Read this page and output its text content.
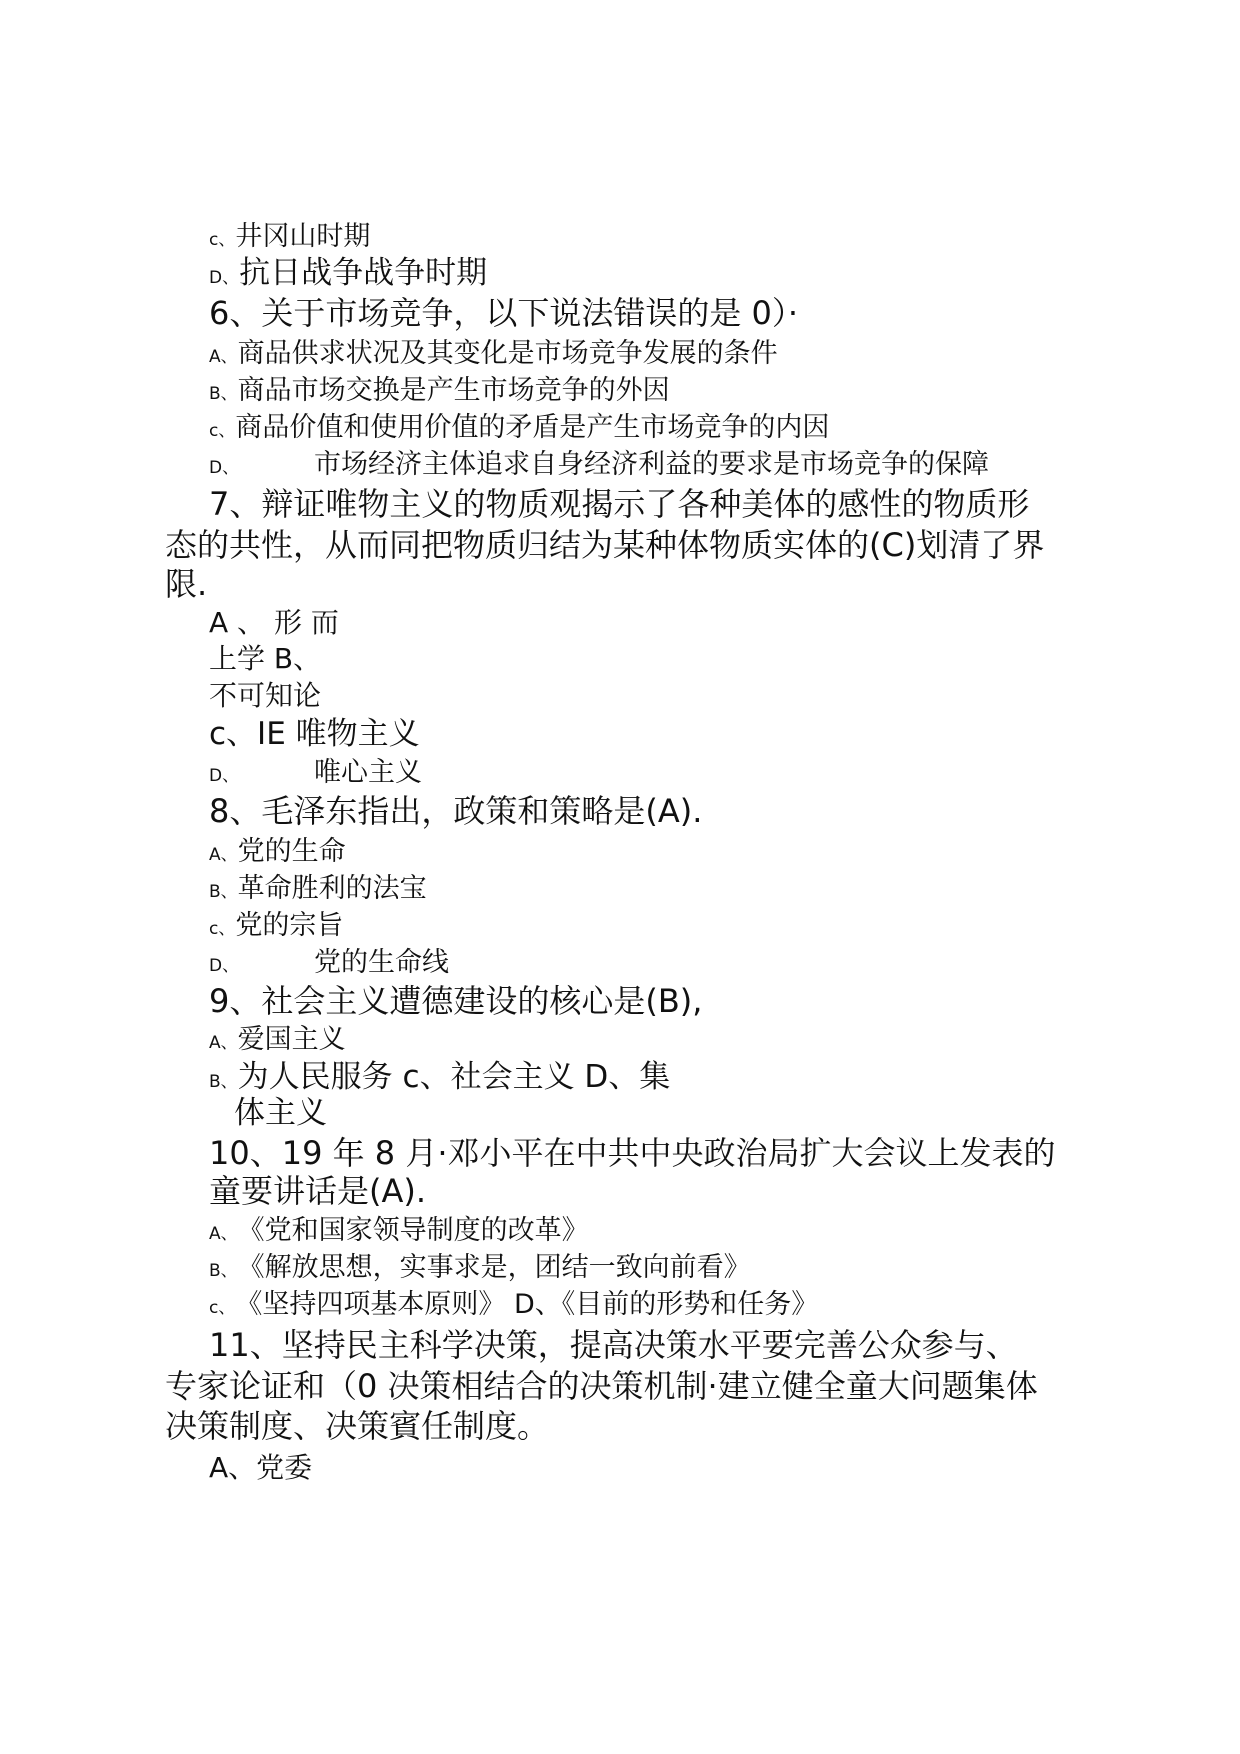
c、井冈山时期

D、抗日战争战争时期

6、关于市场竞争，以下说法错误的是 0）·

A、商品供求状况及其变化是市场竞争发展的条件

B、商品市场交换是产生市场竞争的外因

c、商品价值和使用价值的矛盾是产生市场竞争的内因

D、	市场经济主体追求自身经济利益的要求是市场竞争的保障

7、辩证唯物主义的物质观揭示了各种美体的感性的物质形

态的共性，从而同把物质归结为某种体物质实体的(C)划清了界

限.

A 、 形 而

上学 B、

不可知论

c、IE 唯物主义

D、	唯心主义

8、毛泽东指出，政策和策略是(A).

A、党的生命

B、革命胜利的法宝

c、党的宗旨

D、	党的生命线

9、社会主义遭德建设的核心是(B),

A、爱国主义

B、为人民服务 c、社会主义 D、集

体主义

10、19 年 8 月·邓小平在中共中央政治局扩大会议上发表的

童要讲话是(A).

A、《党和国家领导制度的改革》

B、《解放思想，实事求是，团结一致向前看》

c、《坚持四项基本原则》 D、《目前的形势和任务》

11、坚持民主科学决策，提高决策水平要完善公众参与、

专家论证和（0 决策相结合的决策机制·建立健全童大问题集体

决策制度、决策賓任制度。

A、党委
